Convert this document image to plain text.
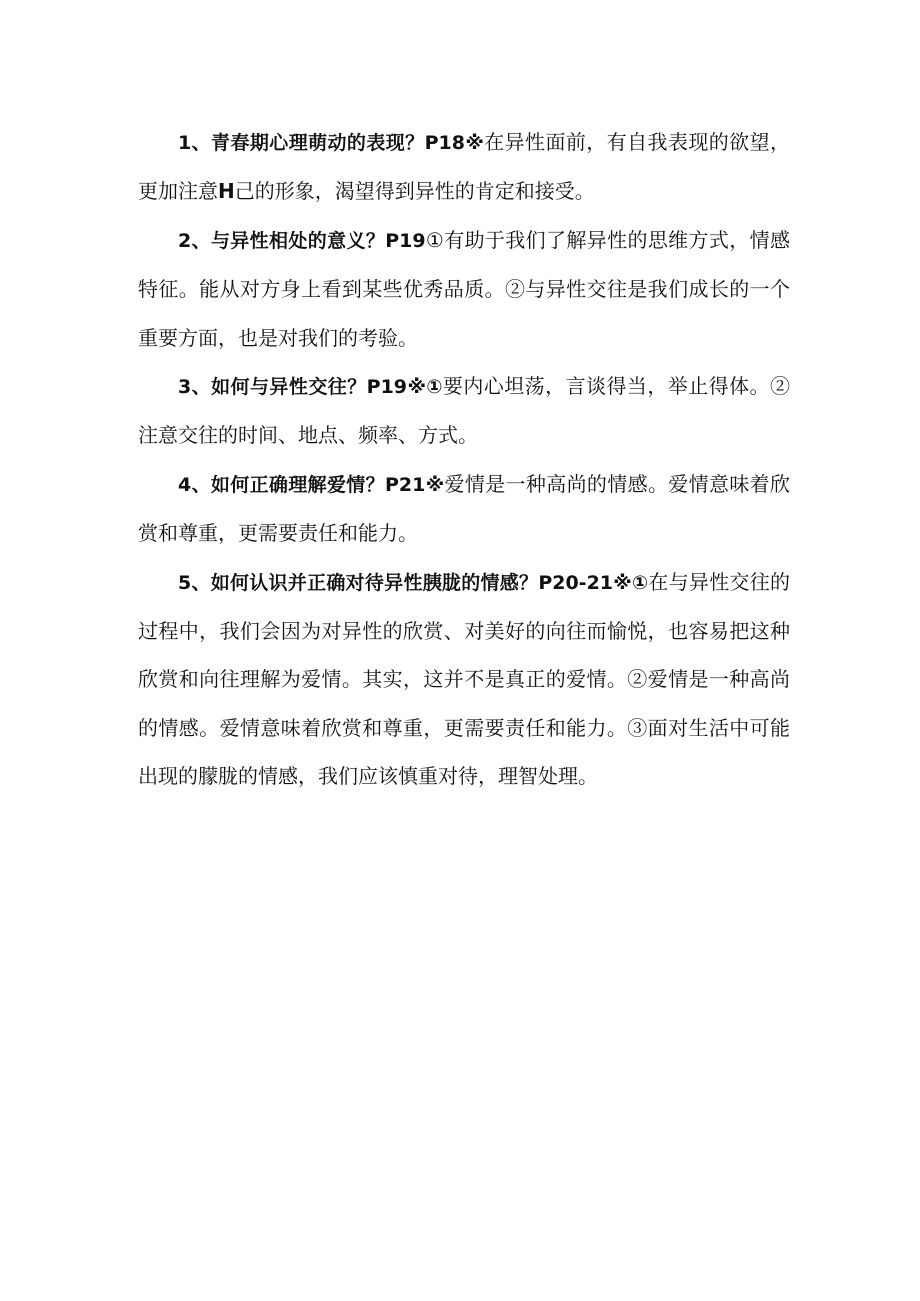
1、青春期心理萌动的表现？P18※在异性面前，有自我表现的欲望，更加注意H己的形象，渴望得到异性的肯定和接受。

2、与异性相处的意义？P19①有助于我们了解异性的思维方式，情感特征。能从对方身上看到某些优秀品质。②与异性交往是我们成长的一个重要方面，也是对我们的考验。

3、如何与异性交往？P19※①要内心坦荡，言谈得当，举止得体。②注意交往的时间、地点、频率、方式。

4、如何正确理解爱情？P21※爱情是一种高尚的情感。爱情意味着欣赏和尊重，更需要责任和能力。

5、如何认识并正确对待异性胰胧的情感？P20-21※①在与异性交往的过程中，我们会因为对异性的欣赏、对美好的向往而愉悦，也容易把这种欣赏和向往理解为爱情。其实，这并不是真正的爱情。②爱情是一种高尚的情感。爱情意味着欣赏和尊重，更需要责任和能力。③面对生活中可能出现的朦胧的情感，我们应该慎重对待，理智处理。
